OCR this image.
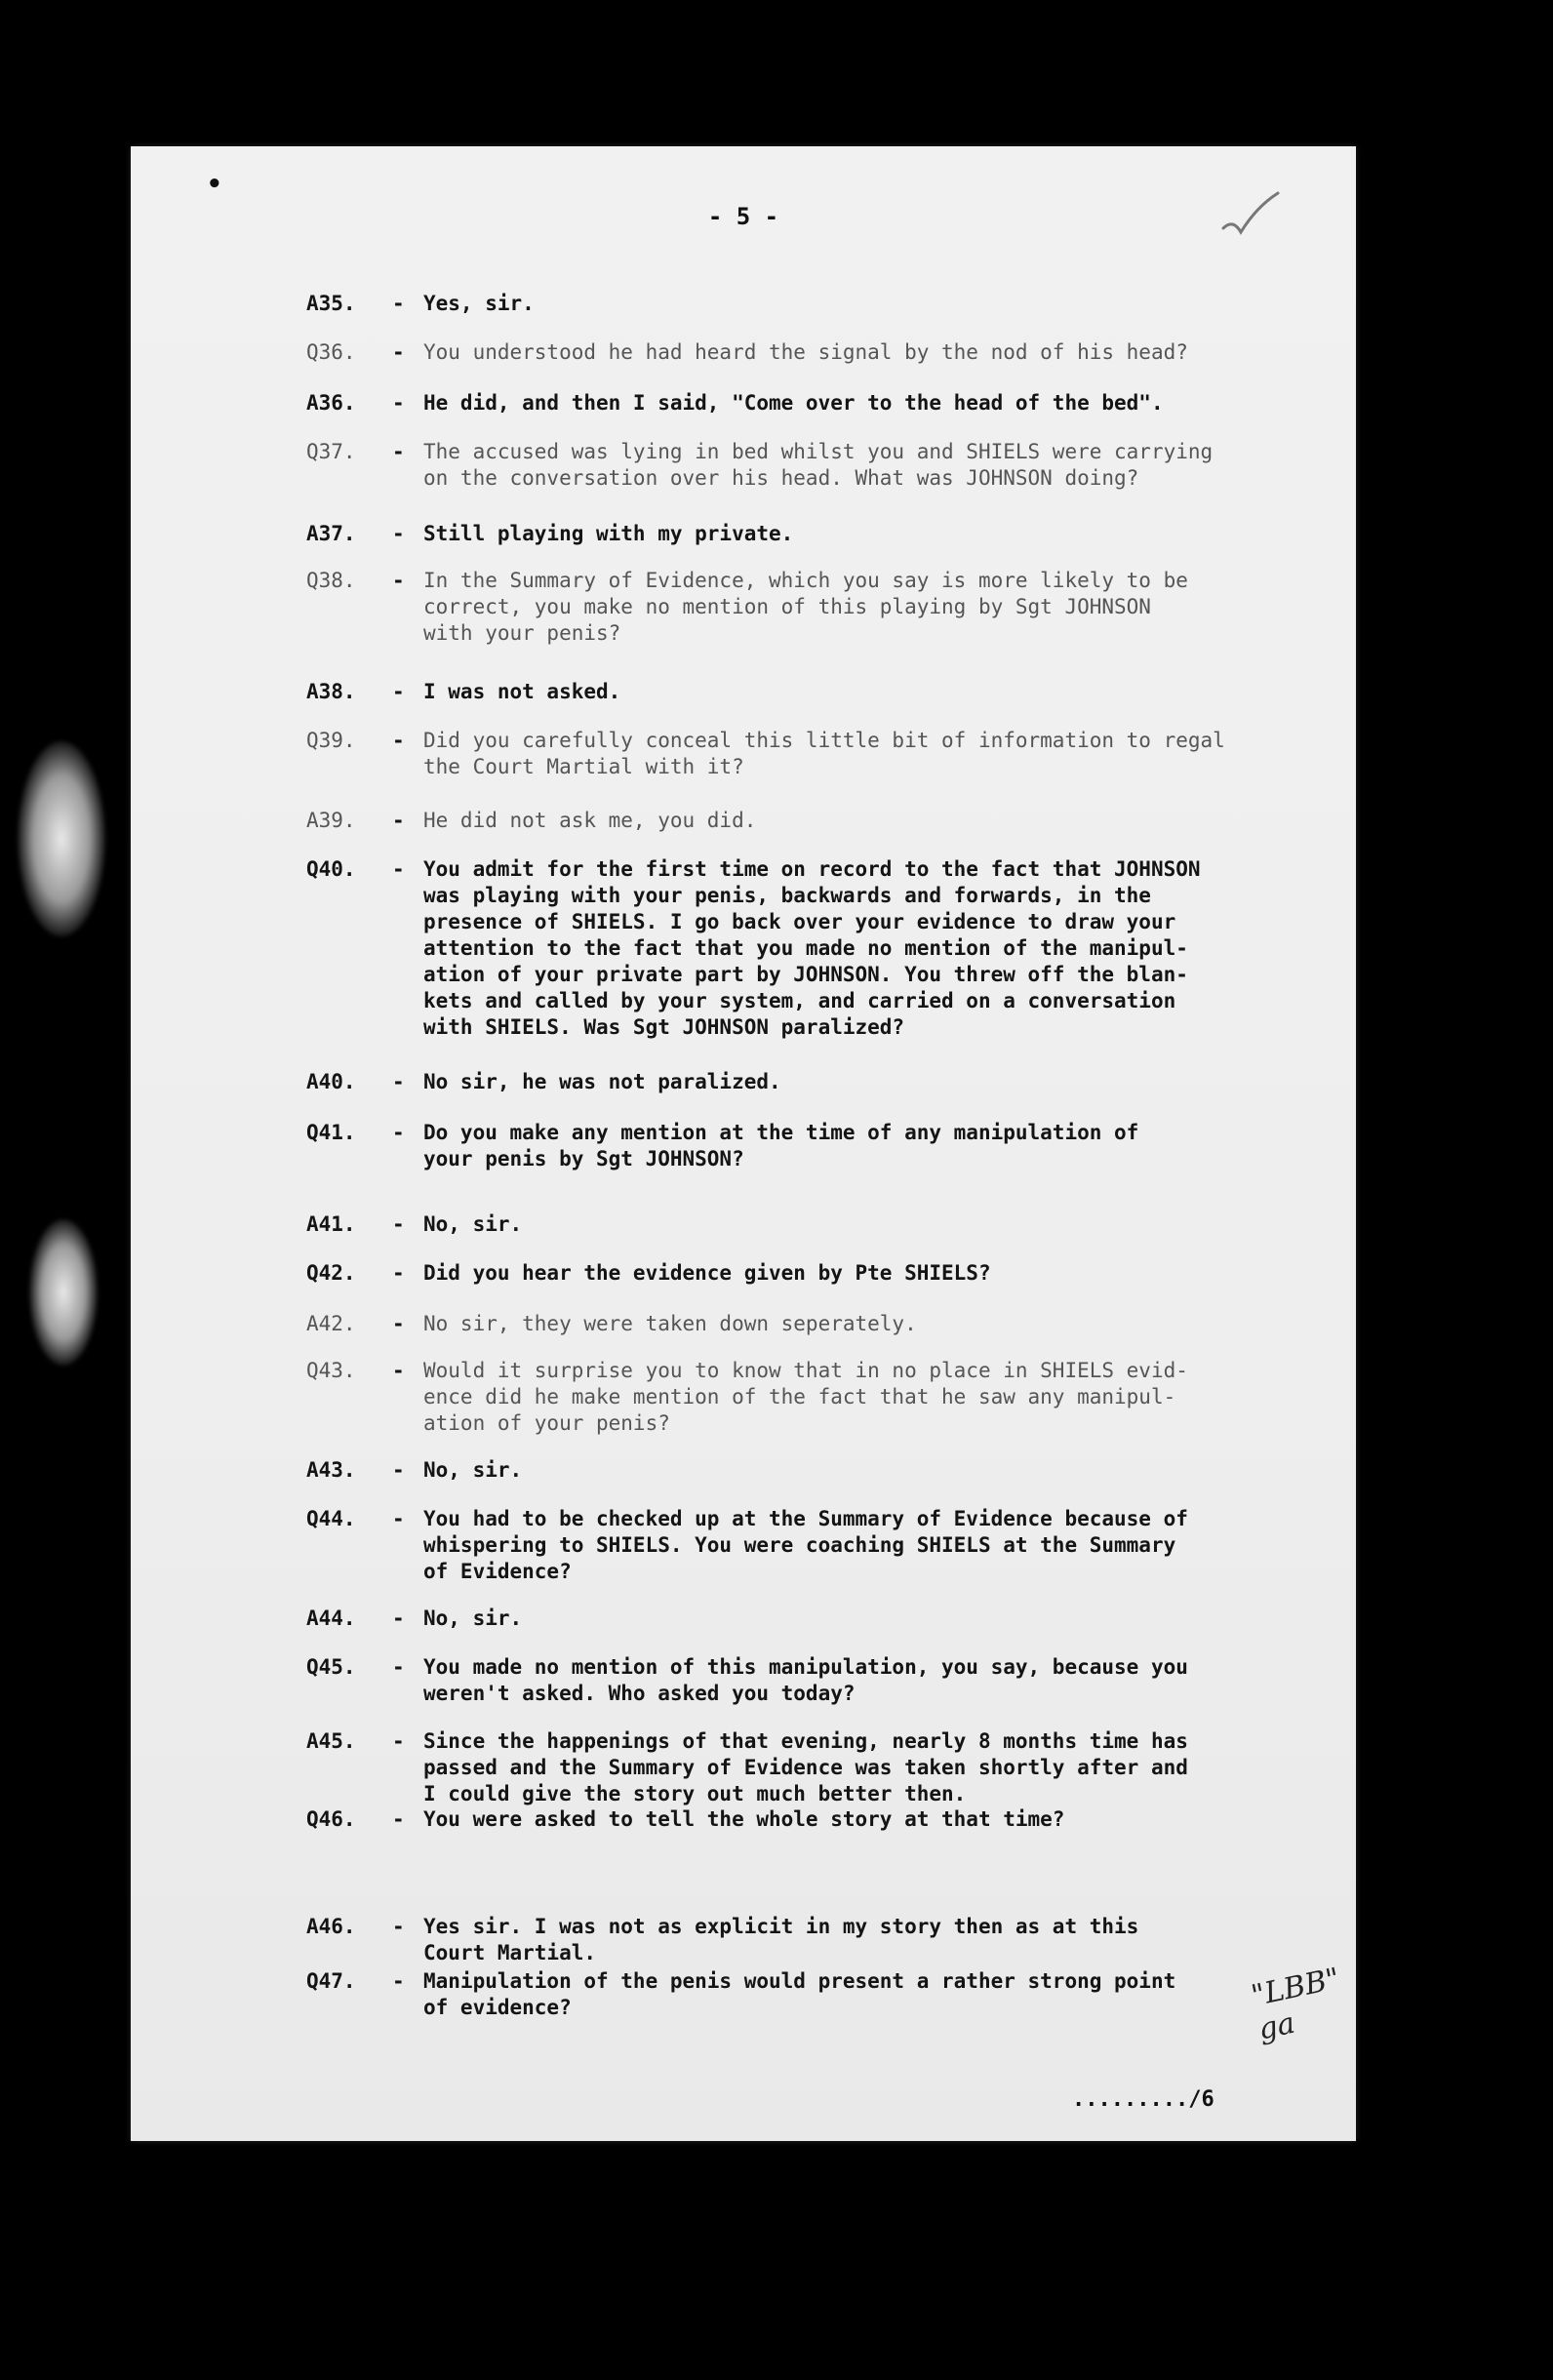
•
- 5 -
A35.	- Yes, sir.
Q36.	- You understood he had heard the signal by the nod of his head?
A36.	- He did, and then I said, "Come over to the head of the bed".
Q37.	- The accused was lying in bed whilst you and SHIELS were carrying
on the conversation over his head. What was JOHNSON doing?
A37.	- Still playing with my private.
Q38.	- In the Summary of Evidence, which you say is more likely to be
correct, you make no mention of this playing by Sgt JOHNSON
with your penis?
A38.	- I was not asked.
Q39.	- Did you carefully conceal this little bit of information to regal
the Court Martial with it?
A39.	- He did not ask me, you did.
Q40.	- You admit for the first time on record to the fact that JOHNSON
was playing with your penis, backwards and forwards, in the
presence of SHIELS. I go back over your evidence to draw your
attention to the fact that you made no mention of the manipul-
ation of your private part by JOHNSON. You threw off the blan-
kets and called by your system, and carried on a conversation
with SHIELS. Was Sgt JOHNSON paralized?
A40.	- No sir, he was not paralized.
Q41.	- Do you make any mention at the time of any manipulation of
your penis by Sgt JOHNSON?
A41.	- No, sir.
Q42.	- Did you hear the evidence given by Pte SHIELS?
A42.	- No sir, they were taken down seperately.
Q43.	- Would it surprise you to know that in no place in SHIELS evid-
ence did he make mention of the fact that he saw any manipul-
ation of your penis?
A43.	- No, sir.
Q44.	- You had to be checked up at the Summary of Evidence because of
whispering to SHIELS. You were coaching SHIELS at the Summary
of Evidence?
A44.	- No, sir.
Q45.	- You made no mention of this manipulation, you say, because you
weren't asked. Who asked you today?
A45.	- Since the happenings of that evening, nearly 8 months time has
passed and the Summary of Evidence was taken shortly after and
I could give the story out much better then.
Q46.	- You were asked to tell the whole story at that time?
A46.	- Yes sir. I was not as explicit in my story then as at this
Court Martial.
Q47.	- Manipulation of the penis would present a rather strong point
of evidence?	"LBB" ga
........./6
